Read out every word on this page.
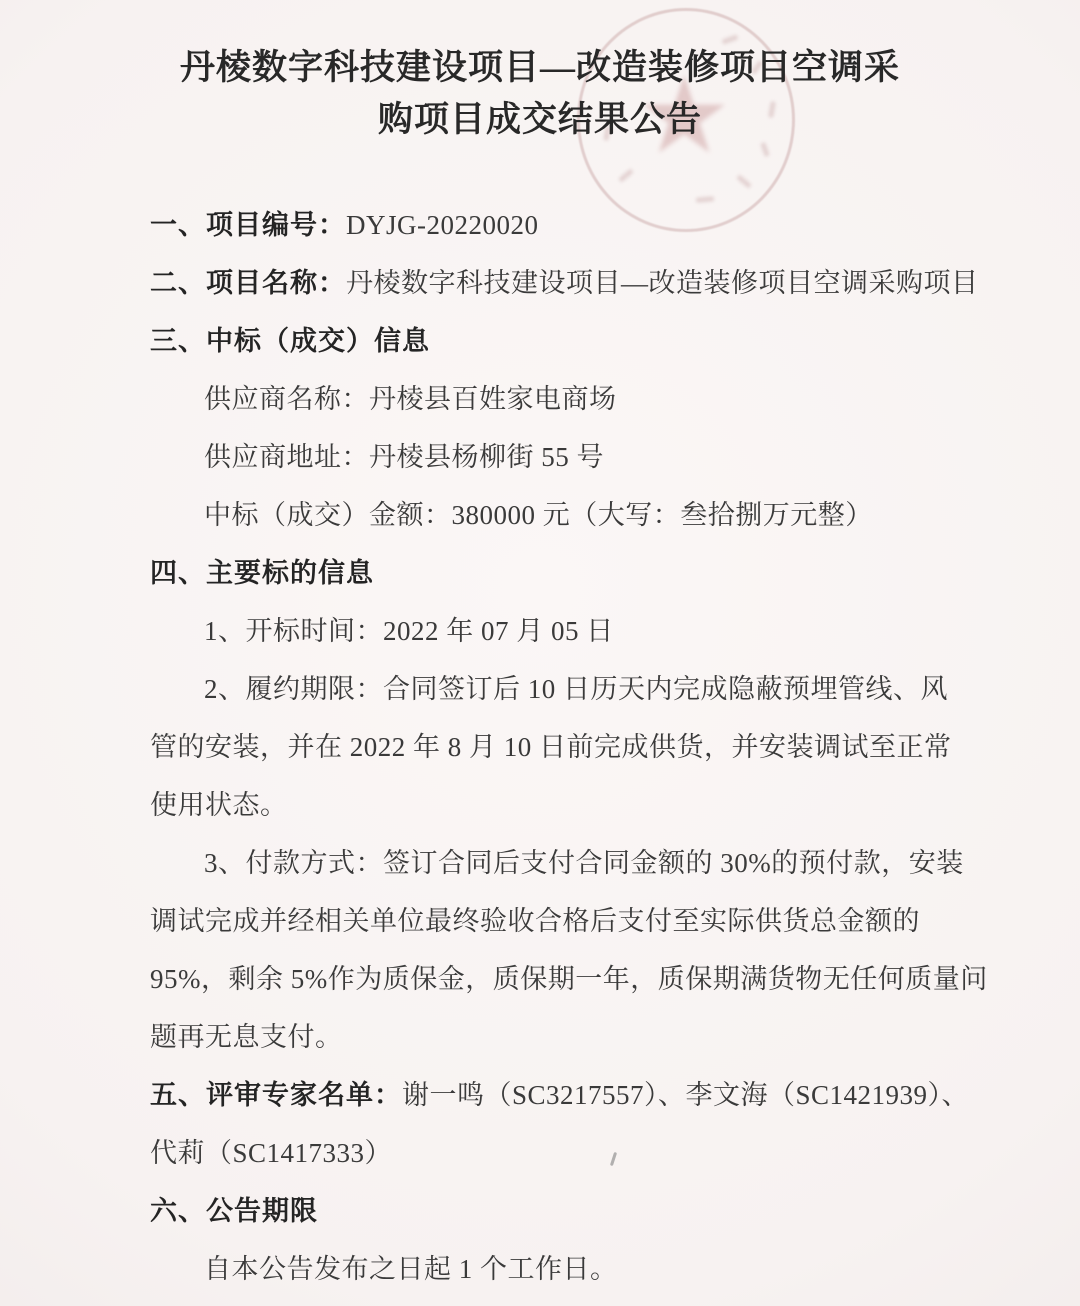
★
丹棱数字科技建设项目—改造装修项目空调采
购项目成交结果公告

一、项目编号：DYJG-20220020

二、项目名称：丹棱数字科技建设项目—改造装修项目空调采购项目

三、中标（成交）信息

供应商名称：丹棱县百姓家电商场

供应商地址：丹棱县杨柳街 55 号

中标（成交）金额：380000 元（大写：叁拾捌万元整）

四、主要标的信息

1、开标时间：2022 年 07 月 05 日

2、履约期限：合同签订后 10 日历天内完成隐蔽预埋管线、风

管的安装，并在 2022 年 8 月 10 日前完成供货，并安装调试至正常

使用状态。

3、付款方式：签订合同后支付合同金额的 30%的预付款，安装

调试完成并经相关单位最终验收合格后支付至实际供货总金额的

95%，剩余 5%作为质保金，质保期一年，质保期满货物无任何质量问

题再无息支付。

五、评审专家名单：谢一鸣（SC3217557）、李文海（SC1421939）、

代莉（SC1417333）

六、公告期限

自本公告发布之日起 1 个工作日。
